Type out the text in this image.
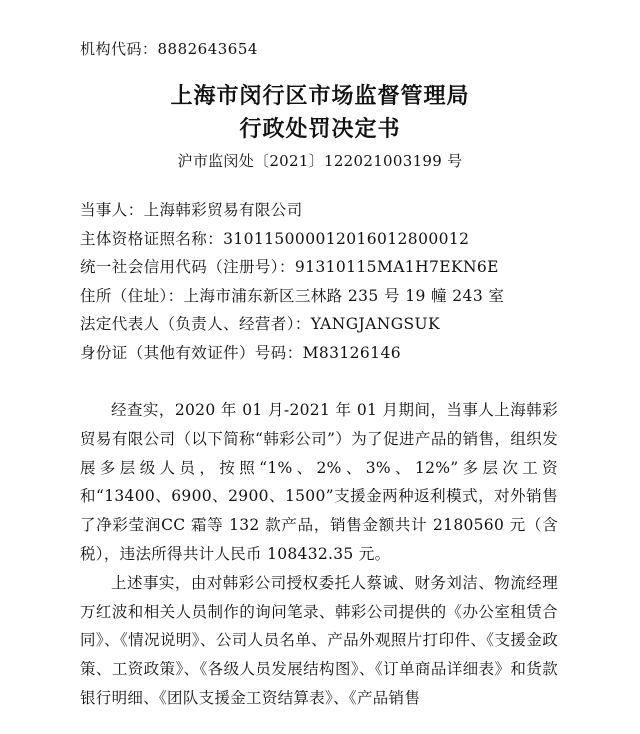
机构代码：8882643654
上海市闵行区市场监督管理局
行政处罚决定书
沪市监闵处〔2021〕122021003199 号
当事人：上海韩彩贸易有限公司
主体资格证照名称：310115000012016012800012
统一社会信用代码（注册号）：91310115MA1H7EKN6E
住所（住址）：上海市浦东新区三林路 235 号 19 幢 243 室
法定代表人（负责人、经营者）：YANGJANGSUK
身份证（其他有效证件）号码：M83126146

经查实，2020 年 01 月-2021 年 01 月期间，当事人上海韩彩贸易有限公司（以下简称“韩彩公司”）为了促进产品的销售，组织发展多层级人员，按照“1%、2%、3%、12%”多层次工资和“13400、6900、2900、1500”支援金两种返利模式，对外销售了净彩莹润CC 霜等 132 款产品，销售金额共计 2180560 元（含税），违法所得共计人民币 108432.35 元。

上述事实，由对韩彩公司授权委托人蔡诚、财务刘洁、物流经理万红波和相关人员制作的询问笔录、韩彩公司提供的《办公室租赁合同》、《情况说明》、公司人员名单、产品外观照片打印件、《支援金政策、工资政策》、《各级人员发展结构图》、《订单商品详细表》和货款银行明细、《团队支援金工资结算表》、《产品销售
